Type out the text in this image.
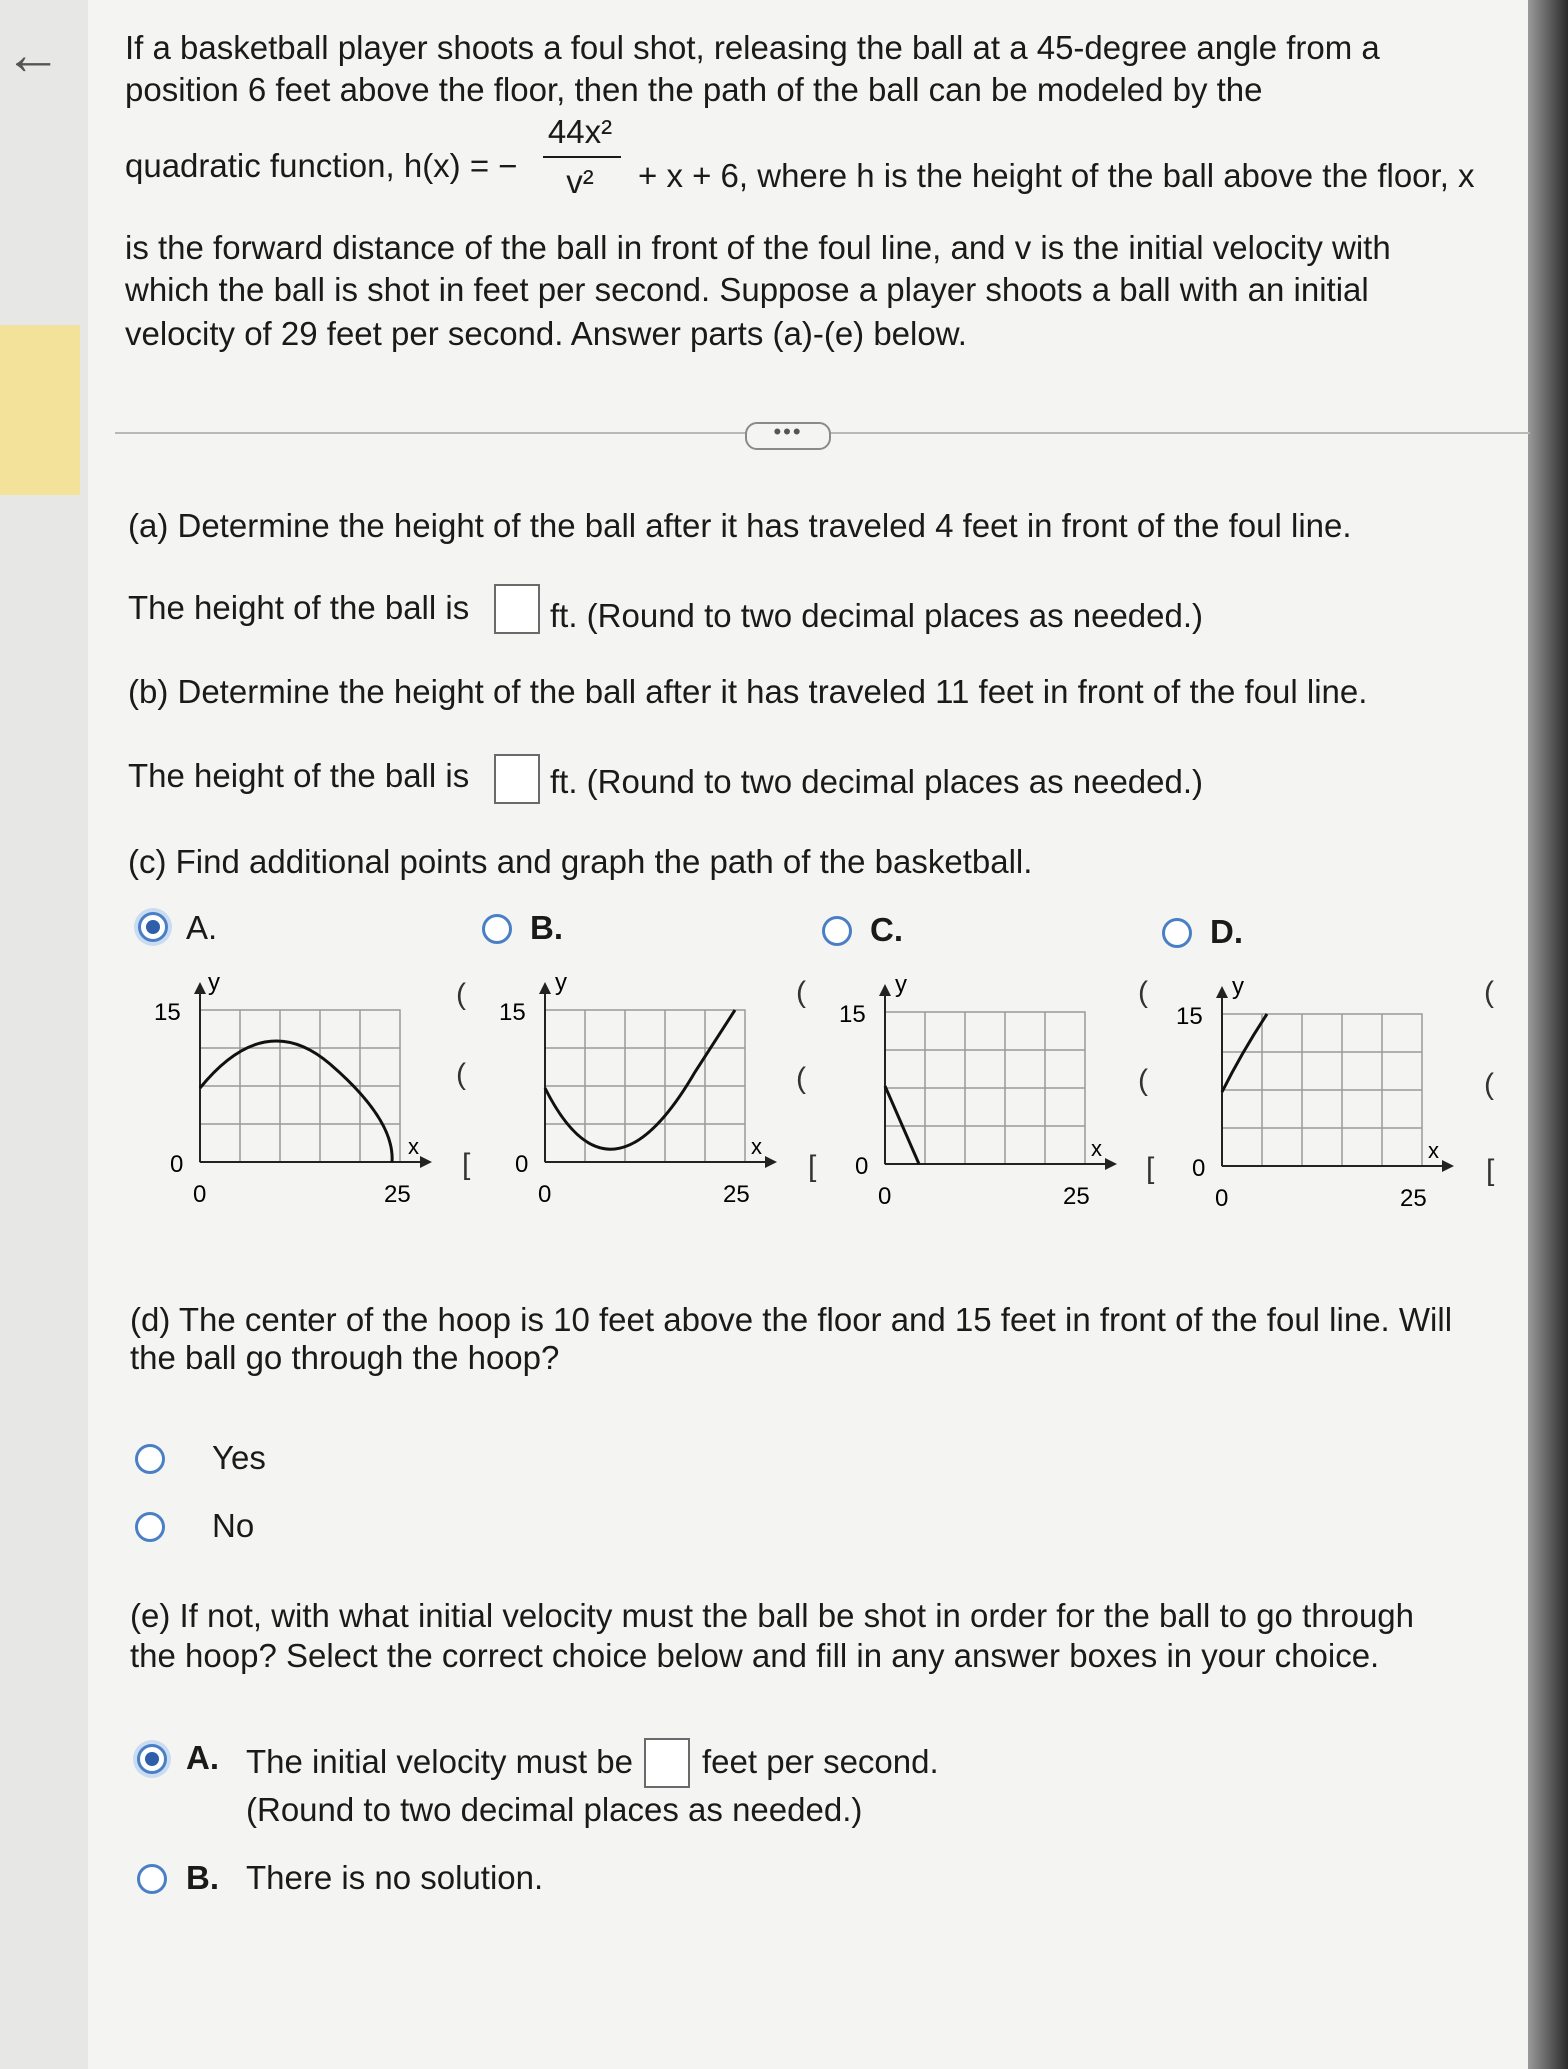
← If a basketball player shoots a foul shot, releasing the ball at a 45-degree angle from a
position 6 feet above the floor, then the path of the ball can be modeled by the
quadratic function, h(x) = −
44x²
v²	+ x + 6, where h is the height of the ball above the floor, x
is the forward distance of the ball in front of the foul line, and v is the initial velocity with
which the ball is shot in feet per second. Suppose a player shoots a ball with an initial
velocity of 29 feet per second. Answer parts (a)-(e) below.
•••
(a) Determine the height of the ball after it has traveled 4 feet in front of the foul line.
The height of the ball is ft. (Round to two decimal places as needed.)
(b) Determine the height of the ball after it has traveled 11 feet in front of the foul line.
The height of the ball is ft. (Round to two decimal places as needed.)
(c) Find additional points and graph the path of the basketball.
A.	B.	C.	D.
y
15
0
0	25
x
y
15
0
0	25
x
y
15
0
0	25
x
y
15
0
0	25
x
(
(
[
(
(
[
(
(
[
(
(
[
(d) The center of the hoop is 10 feet above the floor and 15 feet in front of the foul line. Will
the ball go through the hoop?
Yes
No
(e) If not, with what initial velocity must the ball be shot in order for the ball to go through
the hoop? Select the correct choice below and fill in any answer boxes in your choice.
A. The initial velocity must be feet per second.
(Round to two decimal places as needed.)
B. There is no solution.
